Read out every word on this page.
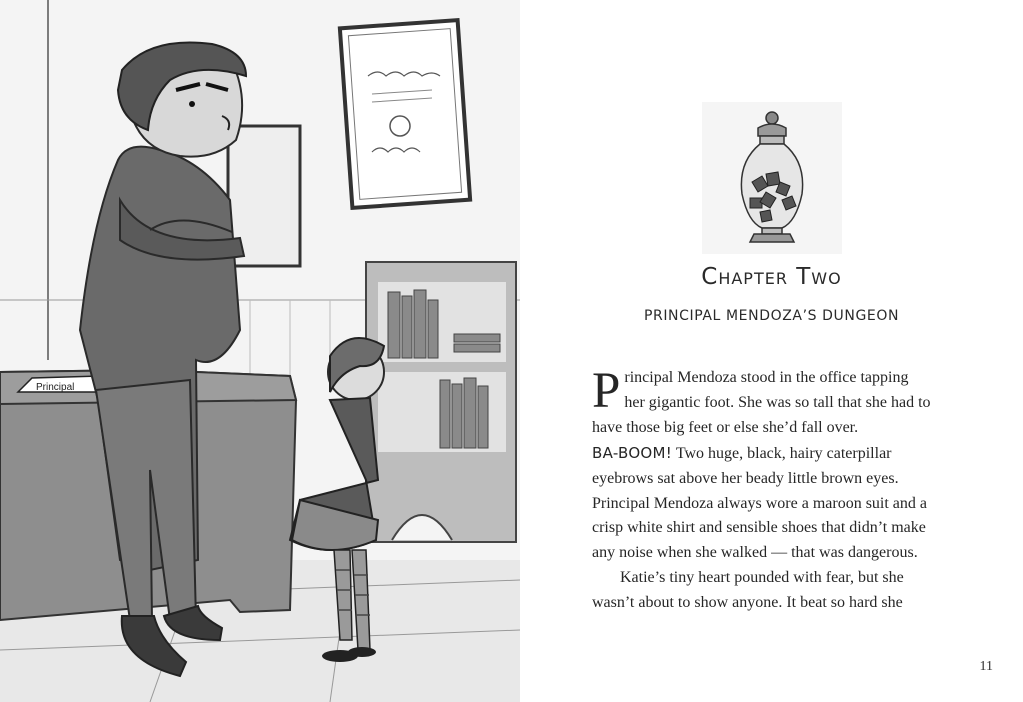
Principal
Chapter Two
PRINCIPAL MENDOZA’S DUNGEON
P rincipal Mendoza stood in the office tapping
her gigantic foot. She was so tall that she had to
have those big feet or else she’d fall over.
BA-BOOM! Two huge, black, hairy caterpillar
eyebrows sat above her beady little brown eyes.
Principal Mendoza always wore a maroon suit and a
crisp white shirt and sensible shoes that didn’t make
any noise when she walked — that was dangerous.
Katie’s tiny heart pounded with fear, but she
wasn’t about to show anyone. It beat so hard she
11
